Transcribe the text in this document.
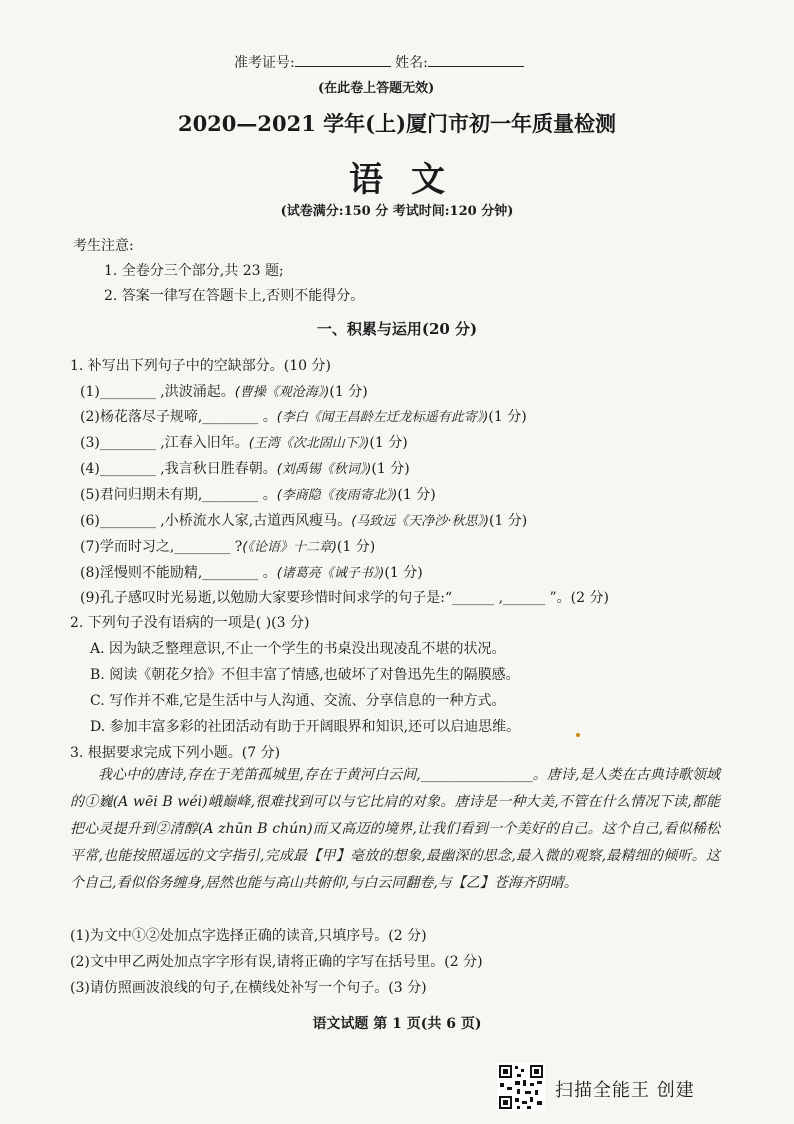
准考证号:	姓名:
(在此卷上答题无效)
2020—2021 学年(上)厦门市初一年质量检测
语文
(试卷满分:150 分 考试时间:120 分钟)
考生注意:
1. 全卷分三个部分,共 23 题;
2. 答案一律写在答题卡上,否则不能得分。
一、积累与运用(20 分)
1. 补写出下列句子中的空缺部分。(10 分)
(1)________ ,洪波涌起。(曹操《观沧海》)(1 分)
(2)杨花落尽子规啼,________ 。(李白《闻王昌龄左迁龙标遥有此寄》)(1 分)
(3)________ ,江春入旧年。(王湾《次北固山下》)(1 分)
(4)________ ,我言秋日胜春朝。(刘禹锡《秋词》)(1 分)
(5)君问归期未有期,________ 。(李商隐《夜雨寄北》)(1 分)
(6)________ ,小桥流水人家,古道西风瘦马。(马致远《天净沙·秋思》)(1 分)
(7)学而时习之,________ ?(《论语》十二章)(1 分)
(8)淫慢则不能励精,________ 。(诸葛亮《诫子书》)(1 分)
(9)孔子感叹时光易逝,以勉励大家要珍惜时间求学的句子是:“______ ,______ ”。(2 分)
2. 下列句子没有语病的一项是( )(3 分)
A. 因为缺乏整理意识,不止一个学生的书桌没出现凌乱不堪的状况。
B. 阅读《朝花夕拾》不但丰富了情感,也破坏了对鲁迅先生的隔膜感。
C. 写作并不难,它是生活中与人沟通、交流、分享信息的一种方式。
D. 参加丰富多彩的社团活动有助于开阔眼界和知识,还可以启迪思维。
3. 根据要求完成下列小题。(7 分)
我心中的唐诗,存在于羌笛孤城里,存在于黄河白云间,________________。唐诗,是人类在古典诗歌领域的①巍(A wēi B wéi)峨巅峰,很难找到可以与它比肩的对象。唐诗是一种大美,不管在什么情况下读,都能把心灵提升到②清醇(A zhūn B chún)而又高迈的境界,让我们看到一个美好的自己。这个自己,看似稀松平常,也能按照遥远的文字指引,完成最【甲】毫放的想象,最幽深的思念,最入微的观察,最精细的倾听。这个自己,看似俗务缠身,居然也能与高山共俯仰,与白云同翻卷,与【乙】苍海齐阴晴。
(1)为文中①②处加点字选择正确的读音,只填序号。(2 分)
(2)文中甲乙两处加点字字形有误,请将正确的字写在括号里。(2 分)
(3)请仿照画波浪线的句子,在横线处补写一个句子。(3 分)
语文试题 第 1 页(共 6 页)
扫描全能王 创建
